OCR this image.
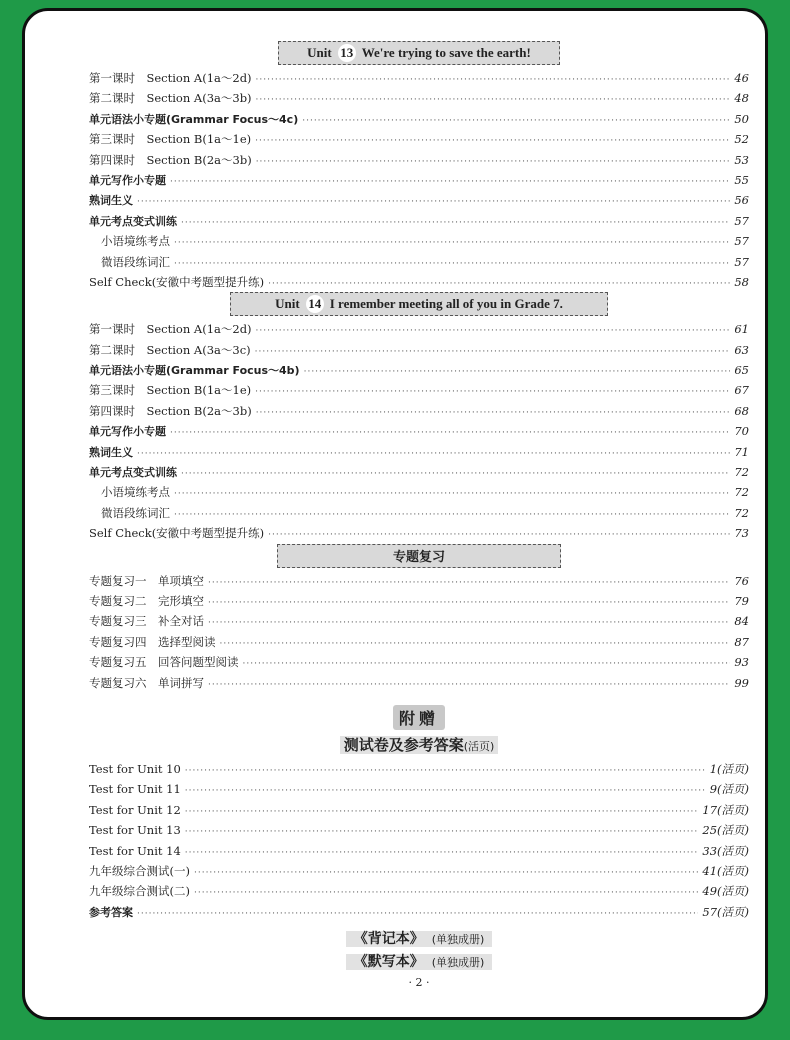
Unit 13 We're trying to save the earth!
第一课时　Section A(1a～2d) ·····	46
第二课时　Section A(3a～3b) ·····	48
单元语法小专题(Grammar Focus～4c) ·····	50
第三课时　Section B(1a～1e) ·····	52
第四课时　Section B(2a～3b) ·····	53
单元写作小专题 ·····	55
熟词生义 ·····	56
单元考点变式训练 ·····	57
小语境练考点 ·····	57
微语段练词汇 ·····	57
Self Check(安徽中考题型提升练) ·····	58
Unit 14 I remember meeting all of you in Grade 7.
第一课时　Section A(1a～2d) ·····	61
第二课时　Section A(3a～3c) ·····	63
单元语法小专题(Grammar Focus～4b) ·····	65
第三课时　Section B(1a～1e) ·····	67
第四课时　Section B(2a～3b) ·····	68
单元写作小专题 ·····	70
熟词生义 ·····	71
单元考点变式训练 ·····	72
小语境练考点 ·····	72
微语段练词汇 ·····	72
Self Check(安徽中考题型提升练) ·····	73
专题复习
专题复习一　单项填空 ·····	76
专题复习二　完形填空 ·····	79
专题复习三　补全对话 ·····	84
专题复习四　选择型阅读 ·····	87
专题复习五　回答问题型阅读 ·····	93
专题复习六　单词拼写 ·····	99
附赠
测试卷及参考答案(活页)
Test for Unit 10 ·····	1(活页)
Test for Unit 11 ·····	9(活页)
Test for Unit 12 ·····	17(活页)
Test for Unit 13 ·····	25(活页)
Test for Unit 14 ·····	33(活页)
九年级综合测试(一) ·····	41(活页)
九年级综合测试(二) ·····	49(活页)
参考答案 ·····	57(活页)
《背记本》 (单独成册)
《默写本》 (单独成册)
· 2 ·
